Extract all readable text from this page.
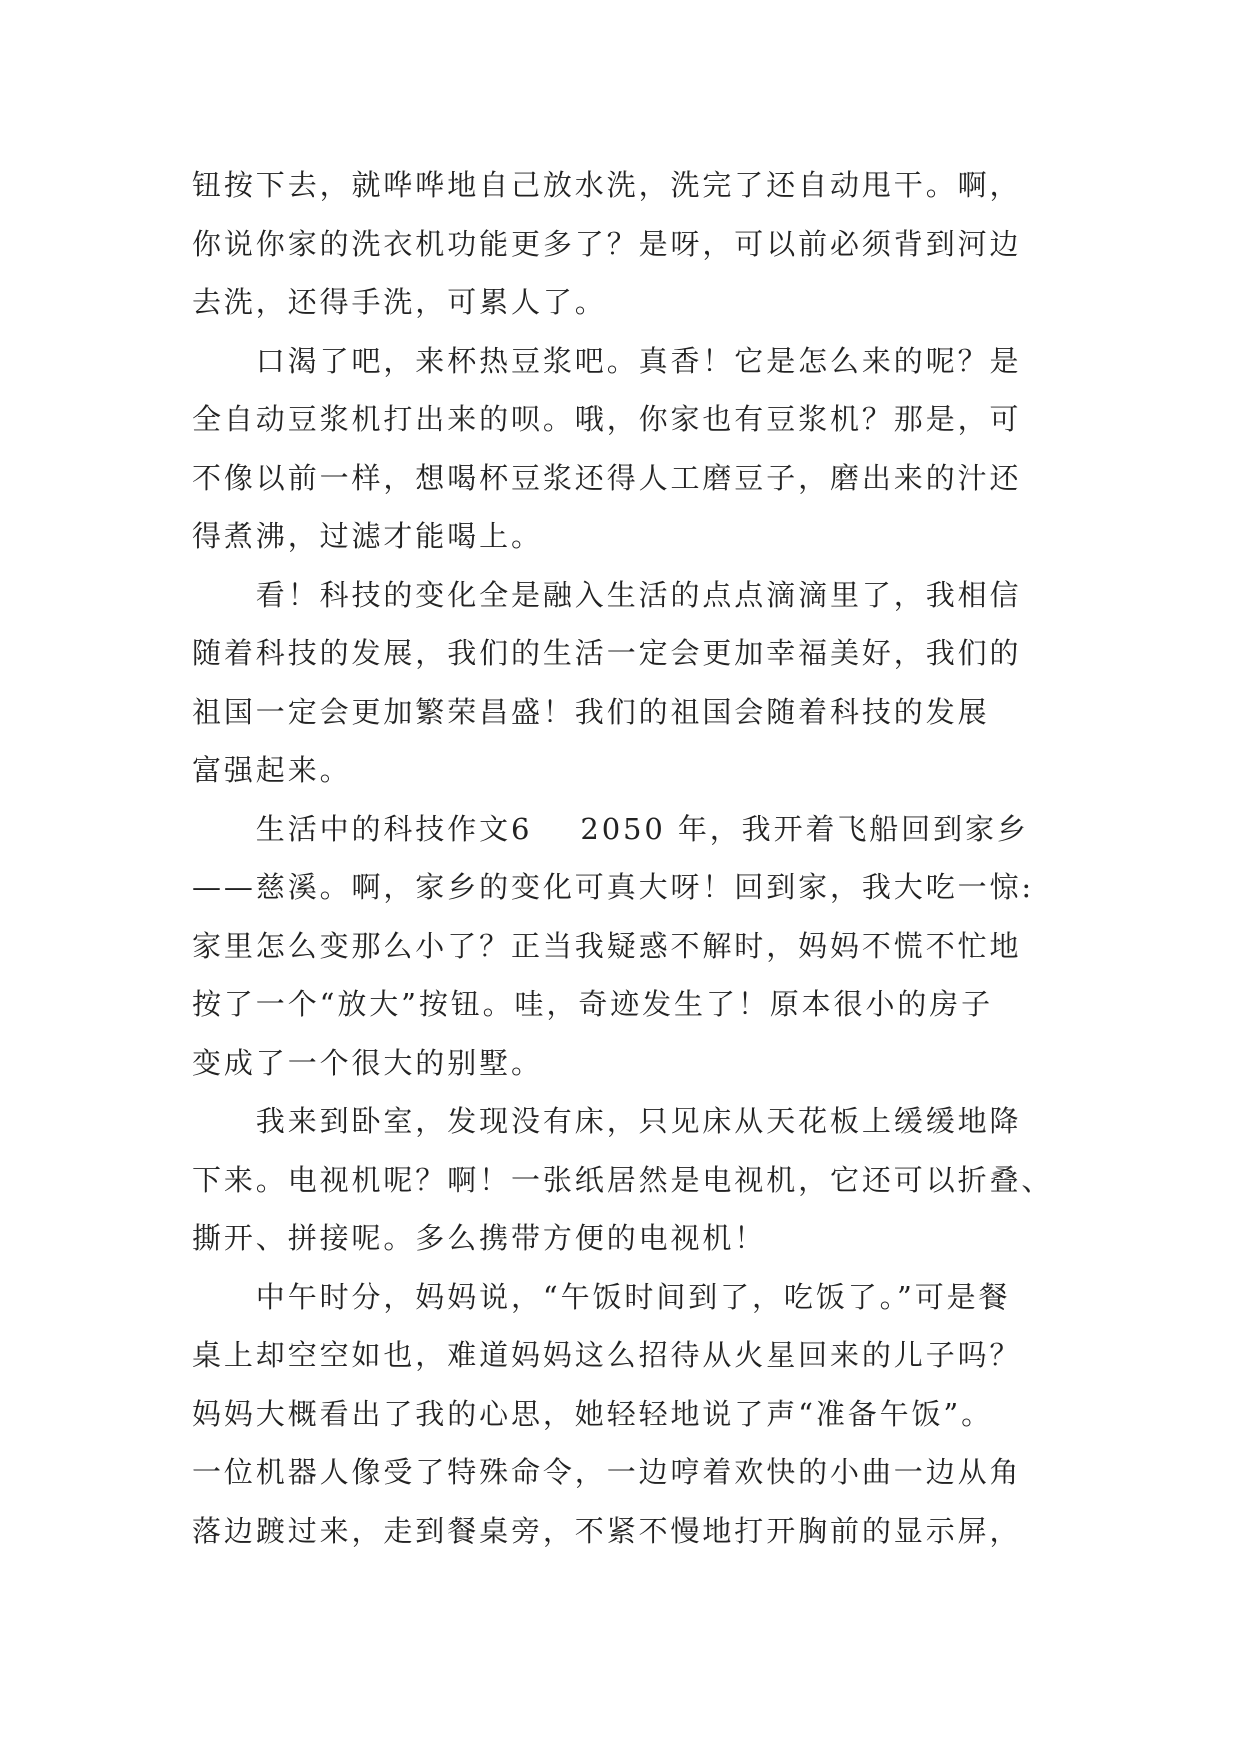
钮按下去，就哗哗地自己放水洗，洗完了还自动甩干。啊，
你说你家的洗衣机功能更多了？是呀，可以前必须背到河边
去洗，还得手洗，可累人了。
　　口渴了吧，来杯热豆浆吧。真香！它是怎么来的呢？是
全自动豆浆机打出来的呗。哦，你家也有豆浆机？那是，可
不像以前一样，想喝杯豆浆还得人工磨豆子，磨出来的汁还
得煮沸，过滤才能喝上。
　　看！科技的变化全是融入生活的点点滴滴里了，我相信
随着科技的发展，我们的生活一定会更加幸福美好，我们的
祖国一定会更加繁荣昌盛！我们的祖国会随着科技的发展
富强起来。
　　生活中的科技作文6 2050 年，我开着飞船回到家乡
——慈溪。啊，家乡的变化可真大呀！回到家，我大吃一惊:
家里怎么变那么小了？正当我疑惑不解时，妈妈不慌不忙地
按了一个“放大”按钮。哇，奇迹发生了！原本很小的房子
变成了一个很大的别墅。
　　我来到卧室，发现没有床，只见床从天花板上缓缓地降
下来。电视机呢？啊！一张纸居然是电视机，它还可以折叠、
撕开、拼接呢。多么携带方便的电视机！
　　中午时分，妈妈说，“午饭时间到了，吃饭了。”可是餐
桌上却空空如也，难道妈妈这么招待从火星回来的儿子吗？
妈妈大概看出了我的心思，她轻轻地说了声“准备午饭”。
一位机器人像受了特殊命令，一边哼着欢快的小曲一边从角
落边踱过来，走到餐桌旁，不紧不慢地打开胸前的显示屏，
